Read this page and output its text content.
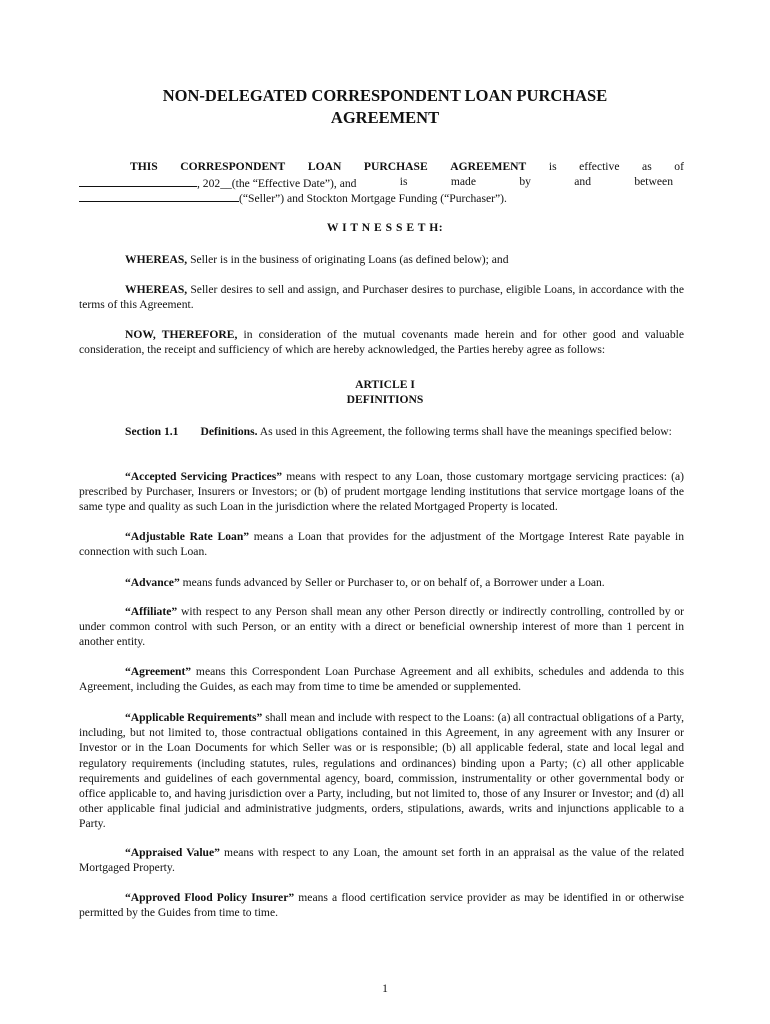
NON-DELEGATED CORRESPONDENT LOAN PURCHASE
AGREEMENT
THIS CORRESPONDENT LOAN PURCHASE AGREEMENT is effective as of
, 202__(the “Effective Date”), and	is	made	by	and	between
(“Seller”) and Stockton Mortgage Funding (“Purchaser”).
W I T N E S S E T H:
WHEREAS, Seller is in the business of originating Loans (as defined below); and
WHEREAS, Seller desires to sell and assign, and Purchaser desires to purchase, eligible Loans, in accordance with the terms of this Agreement.
NOW, THEREFORE, in consideration of the mutual covenants made herein and for other good and valuable consideration, the receipt and sufficiency of which are hereby acknowledged, the Parties hereby agree as follows:
ARTICLE I
DEFINITIONS
Section 1.1 Definitions. As used in this Agreement, the following terms shall have the meanings specified below:
“Accepted Servicing Practices” means with respect to any Loan, those customary mortgage servicing practices: (a) prescribed by Purchaser, Insurers or Investors; or (b) of prudent mortgage lending institutions that service mortgage loans of the same type and quality as such Loan in the jurisdiction where the related Mortgaged Property is located.
“Adjustable Rate Loan” means a Loan that provides for the adjustment of the Mortgage Interest Rate payable in connection with such Loan.
“Advance” means funds advanced by Seller or Purchaser to, or on behalf of, a Borrower under a Loan.
“Affiliate” with respect to any Person shall mean any other Person directly or indirectly controlling, controlled by or under common control with such Person, or an entity with a direct or beneficial ownership interest of more than 1 percent in another entity.
“Agreement” means this Correspondent Loan Purchase Agreement and all exhibits, schedules and addenda to this Agreement, including the Guides, as each may from time to time be amended or supplemented.
“Applicable Requirements” shall mean and include with respect to the Loans: (a) all contractual obligations of a Party, including, but not limited to, those contractual obligations contained in this Agreement, in any agreement with any Insurer or Investor or in the Loan Documents for which Seller was or is responsible; (b) all applicable federal, state and local legal and regulatory requirements (including statutes, rules, regulations and ordinances) binding upon a Party; (c) all other applicable requirements and guidelines of each governmental agency, board, commission, instrumentality or other governmental body or office applicable to, and having jurisdiction over a Party, including, but not limited to, those of any Insurer or Investor; and (d) all other applicable final judicial and administrative judgments, orders, stipulations, awards, writs and injunctions applicable to a Party.
“Appraised Value” means with respect to any Loan, the amount set forth in an appraisal as the value of the related Mortgaged Property.
“Approved Flood Policy Insurer” means a flood certification service provider as may be identified in or otherwise permitted by the Guides from time to time.
1
